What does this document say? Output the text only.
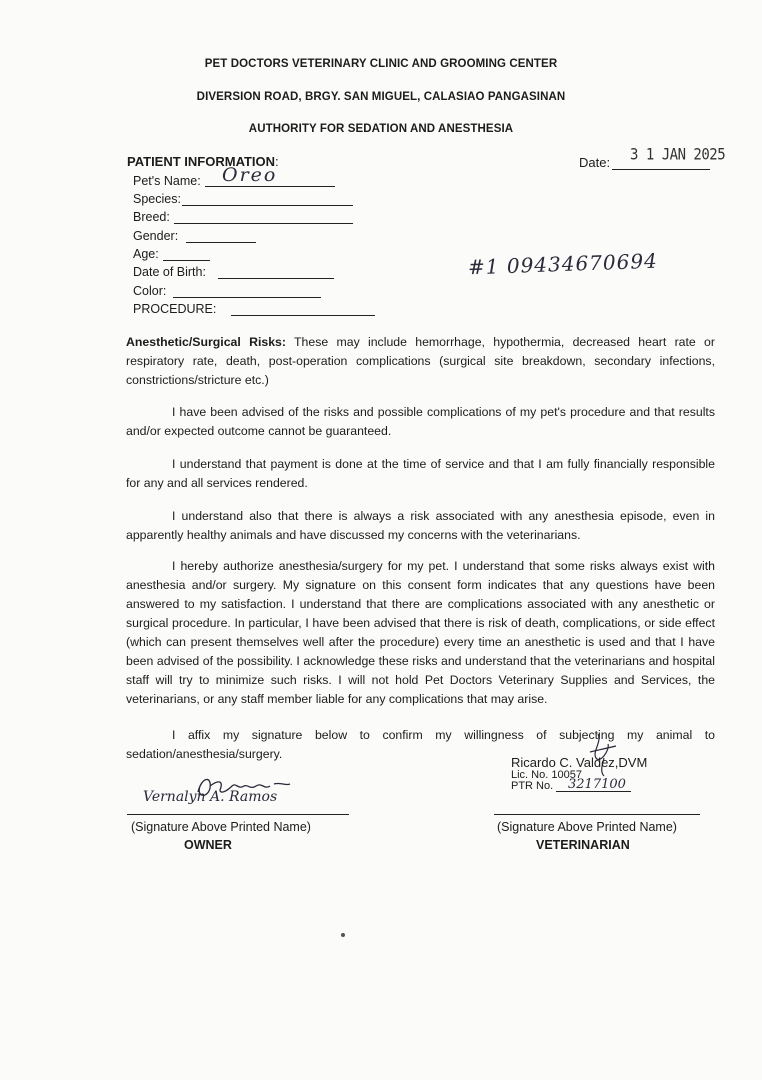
PET DOCTORS VETERINARY CLINIC AND GROOMING CENTER
DIVERSION ROAD, BRGY. SAN MIGUEL, CALASIAO PANGASINAN
AUTHORITY FOR SEDATION AND ANESTHESIA
PATIENT INFORMATION:	Date: 3 1 JAN 2025
Pet's Name: Oreo
Species:
Breed:
Gender:
Age:
Date of Birth:
Color:
PROCEDURE:
#1 09434670694
Anesthetic/Surgical Risks: These may include hemorrhage, hypothermia, decreased heart rate or respiratory rate, death, post-operation complications (surgical site breakdown, secondary infections, constrictions/stricture etc.)
I have been advised of the risks and possible complications of my pet's procedure and that results and/or expected outcome cannot be guaranteed.
I understand that payment is done at the time of service and that I am fully financially responsible for any and all services rendered.
I understand also that there is always a risk associated with any anesthesia episode, even in apparently healthy animals and have discussed my concerns with the veterinarians.
I hereby authorize anesthesia/surgery for my pet. I understand that some risks always exist with anesthesia and/or surgery. My signature on this consent form indicates that any questions have been answered to my satisfaction. I understand that there are complications associated with any anesthetic or surgical procedure. In particular, I have been advised that there is risk of death, complications, or side effect (which can present themselves well after the procedure) every time an anesthetic is used and that I have been advised of the possibility. I acknowledge these risks and understand that the veterinarians and hospital staff will try to minimize such risks. I will not hold Pet Doctors Veterinary Supplies and Services, the veterinarians, or any staff member liable for any complications that may arise.
I affix my signature below to confirm my willingness of subjecting my animal to sedation/anesthesia/surgery.
Vernalyn A. Ramos
(Signature Above Printed Name)
OWNER
Ricardo C. Valdez,DVM
Lic. No. 10057
PTR No.	3217100
(Signature Above Printed Name)
VETERINARIAN
